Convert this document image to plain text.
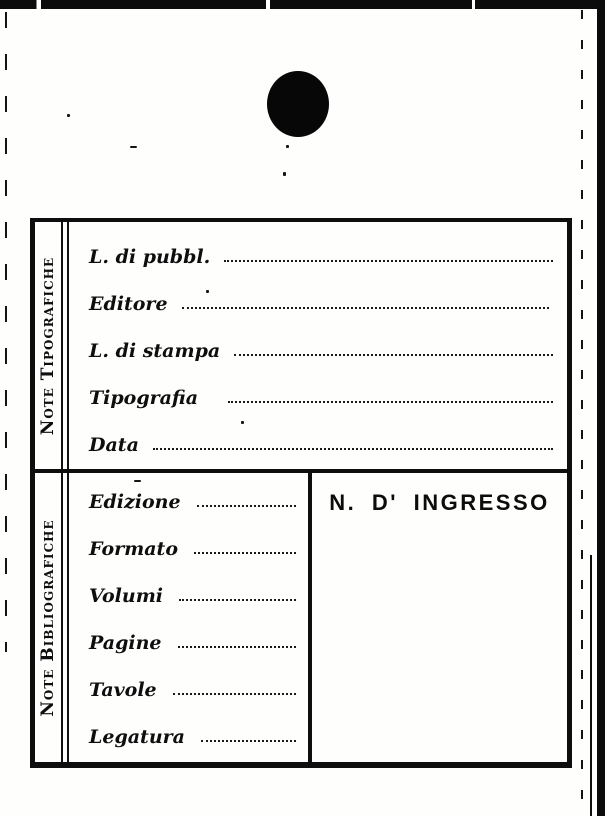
Note Tipografiche L. di pubbl.
Editore
L. di stampa
Tipografia
Data
Note Bibliografiche
Edizione
Formato
Volumi
Pagine
Tavole
Legatura
N. D' INGRESSO
